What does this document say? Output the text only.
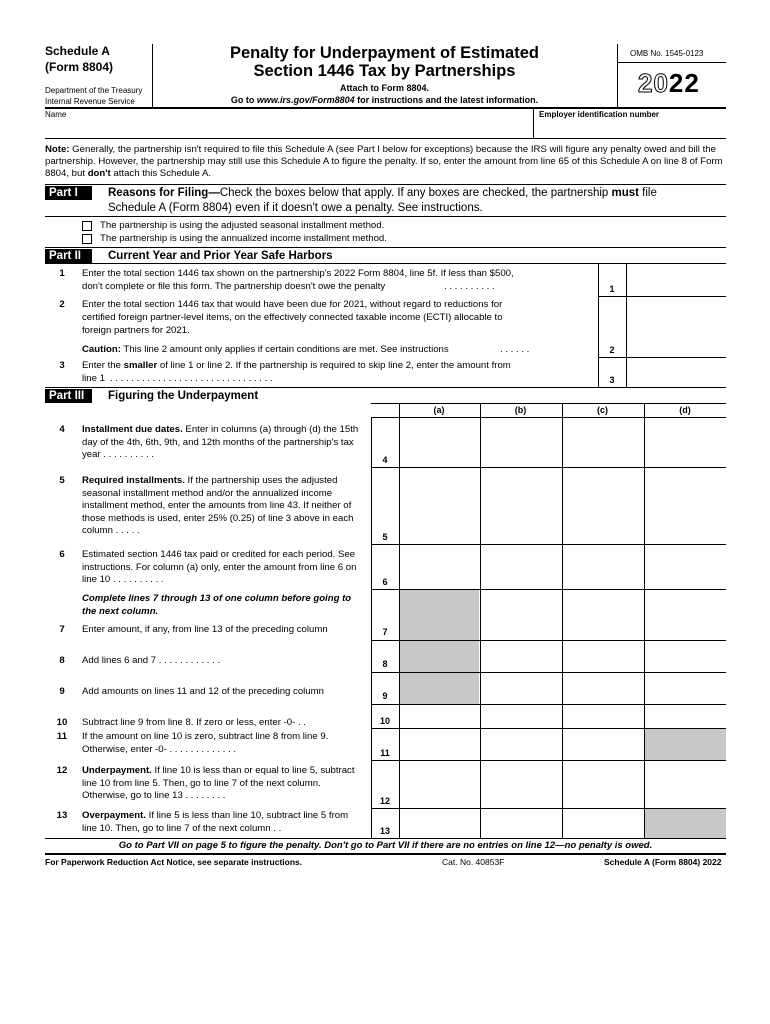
Schedule A
(Form 8804)
Department of the Treasury
Internal Revenue Service
Penalty for Underpayment of Estimated
Section 1446 Tax by Partnerships
Attach to Form 8804.
Go to www.irs.gov/Form8804 for instructions and the latest information.
OMB No. 1545-0123
2022
Name	Employer identification number
Note: Generally, the partnership isn't required to file this Schedule A (see Part I below for exceptions) because the IRS will figure any penalty owed and bill the partnership. However, the partnership may still use this Schedule A to figure the penalty. If so, enter the amount from line 65 of this Schedule A on line 8 of Form 8804, but don't attach this Schedule A.
Part I	Reasons for Filing—Check the boxes below that apply. If any boxes are checked, the partnership must file
Schedule A (Form 8804) even if it doesn't owe a penalty. See instructions.
The partnership is using the adjusted seasonal installment method.
The partnership is using the annualized income installment method.
Part II	Current Year and Prior Year Safe Harbors
1	Enter the total section 1446 tax shown on the partnership's 2022 Form 8804, line 5f. If less than $500,
don't complete or file this form. The partnership doesn't owe the penalty	. . . . . . . . . .	1
2	Enter the total section 1446 tax that would have been due for 2021, without regard to reductions for
certified foreign partner-level items, on the effectively connected taxable income (ECTI) allocable to
foreign partners for 2021.
Caution: This line 2 amount only applies if certain conditions are met. See instructions	. . . . . .	2
3	Enter the smaller of line 1 or line 2. If the partnership is required to skip line 2, enter the amount from
line 1 . . . . . . . . . . . . . . . . . . . . . . . . . . . . . . .	3
Part III	Figuring the Underpayment
(a)	(b)	(c)	(d)
4	Installment due dates. Enter in columns (a) through (d) the 15th day of the 4th, 6th, 9th, and 12th months of the partnership's tax year . . . . . . . . . .	4
5	Required installments. If the partnership uses the adjusted seasonal installment method and/or the annualized income installment method, enter the amounts from line 43. If neither of those methods is used, enter 25% (0.25) of line 3 above in each column . . . . .
5
6	Estimated section 1446 tax paid or credited for each period. See instructions. For column (a) only, enter the amount from line 6 on line 10 . . . . . . . . . .	6
Complete lines 7 through 13 of one column before going to the next column.
7	Enter amount, if any, from line 13 of the preceding column	7
8	Add lines 6 and 7 . . . . . . . . . . . .	8
9	Add amounts on lines 11 and 12 of the preceding column	9
10	Subtract line 9 from line 8. If zero or less, enter -0- . .	10
11	If the amount on line 10 is zero, subtract line 8 from line 9. Otherwise, enter -0- . . . . . . . . . . . . .	11
12	Underpayment. If line 10 is less than or equal to line 5, subtract line 10 from line 5. Then, go to line 7 of the next column. Otherwise, go to line 13 . . . . . . . .	12
13	Overpayment. If line 5 is less than line 10, subtract line 5 from line 10. Then, go to line 7 of the next column . .	13
Go to Part VII on page 5 to figure the penalty. Don't go to Part VII if there are no entries on line 12—no penalty is owed.
For Paperwork Reduction Act Notice, see separate instructions.	Cat. No. 40853F	Schedule A (Form 8804) 2022
